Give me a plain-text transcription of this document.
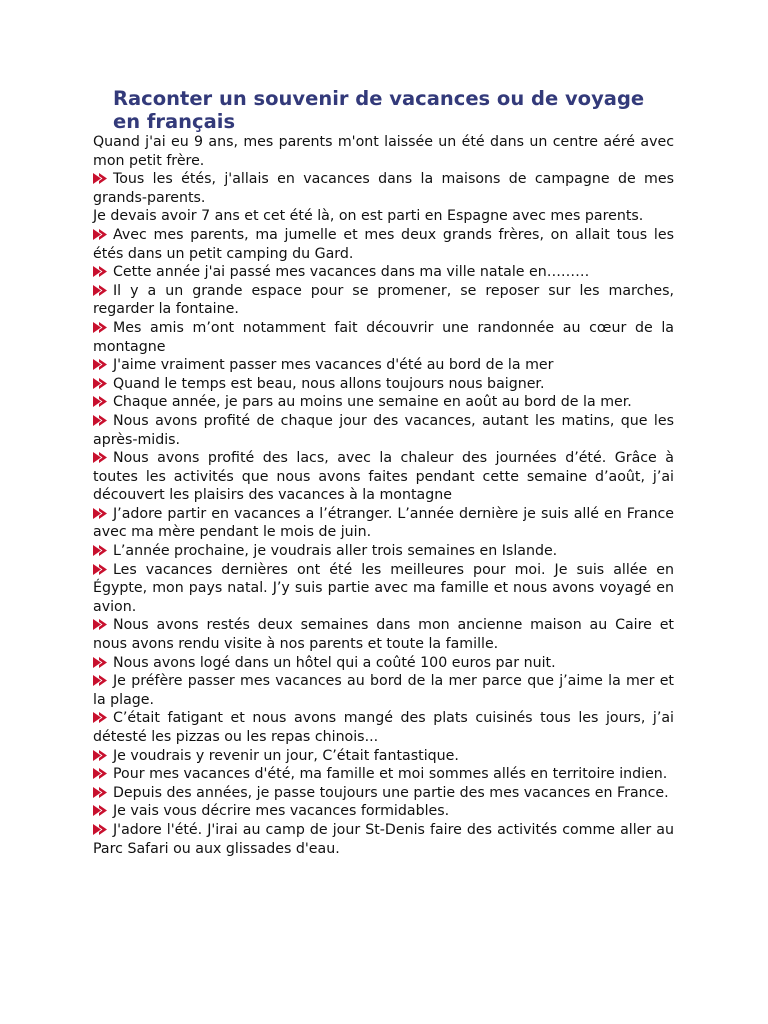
Raconter un souvenir de vacances ou de voyage en français

Quand j'ai eu 9 ans, mes parents m'ont laissée un été dans un centre aéré avec mon petit frère.

Tous les étés, j'allais en vacances dans la maisons de campagne de mes grands-parents.

Je devais avoir 7 ans et cet été là, on est parti en Espagne avec mes parents.

Avec mes parents, ma jumelle et mes deux grands frères, on allait tous les étés dans un petit camping du Gard.

Cette année j'ai passé mes vacances dans ma ville natale en………

Il y a un grande espace pour se promener, se reposer sur les marches, regarder la fontaine.

Mes amis m’ont notamment fait découvrir une randonnée au cœur de la montagne

J'aime vraiment passer mes vacances d'été au bord de la mer

Quand le temps est beau, nous allons toujours nous baigner.

Chaque année, je pars au moins une semaine en août au bord de la mer.

Nous avons profité de chaque jour des vacances, autant les matins, que les après-midis.

Nous avons profité des lacs, avec la chaleur des journées d’été. Grâce à toutes les activités que nous avons faites pendant cette semaine d’août, j’ai découvert les plaisirs des vacances à la montagne

J’adore partir en vacances a l’étranger. L’année dernière je suis allé en France avec ma mère pendant le mois de juin.

L’année prochaine, je voudrais aller trois semaines en Islande.

Les vacances dernières ont été les meilleures pour moi. Je suis allée en Égypte, mon pays natal. J’y suis partie avec ma famille et nous avons voyagé en avion.

Nous avons restés deux semaines dans mon ancienne maison au Caire et nous avons rendu visite à nos parents et toute la famille.

Nous avons logé dans un hôtel qui a coûté 100 euros par nuit.

Je préfère passer mes vacances au bord de la mer parce que j’aime la mer et la plage.

C’était fatigant et nous avons mangé des plats cuisinés tous les jours, j’ai détesté les pizzas ou les repas chinois...

Je voudrais y revenir un jour, C’était fantastique.

Pour mes vacances d'été, ma famille et moi sommes allés en territoire indien.

Depuis des années, je passe toujours une partie des mes vacances en France.

Je vais vous décrire mes vacances formidables.

J'adore l'été. J'irai au camp de jour St-Denis faire des activités comme aller au Parc Safari ou aux glissades d'eau.
